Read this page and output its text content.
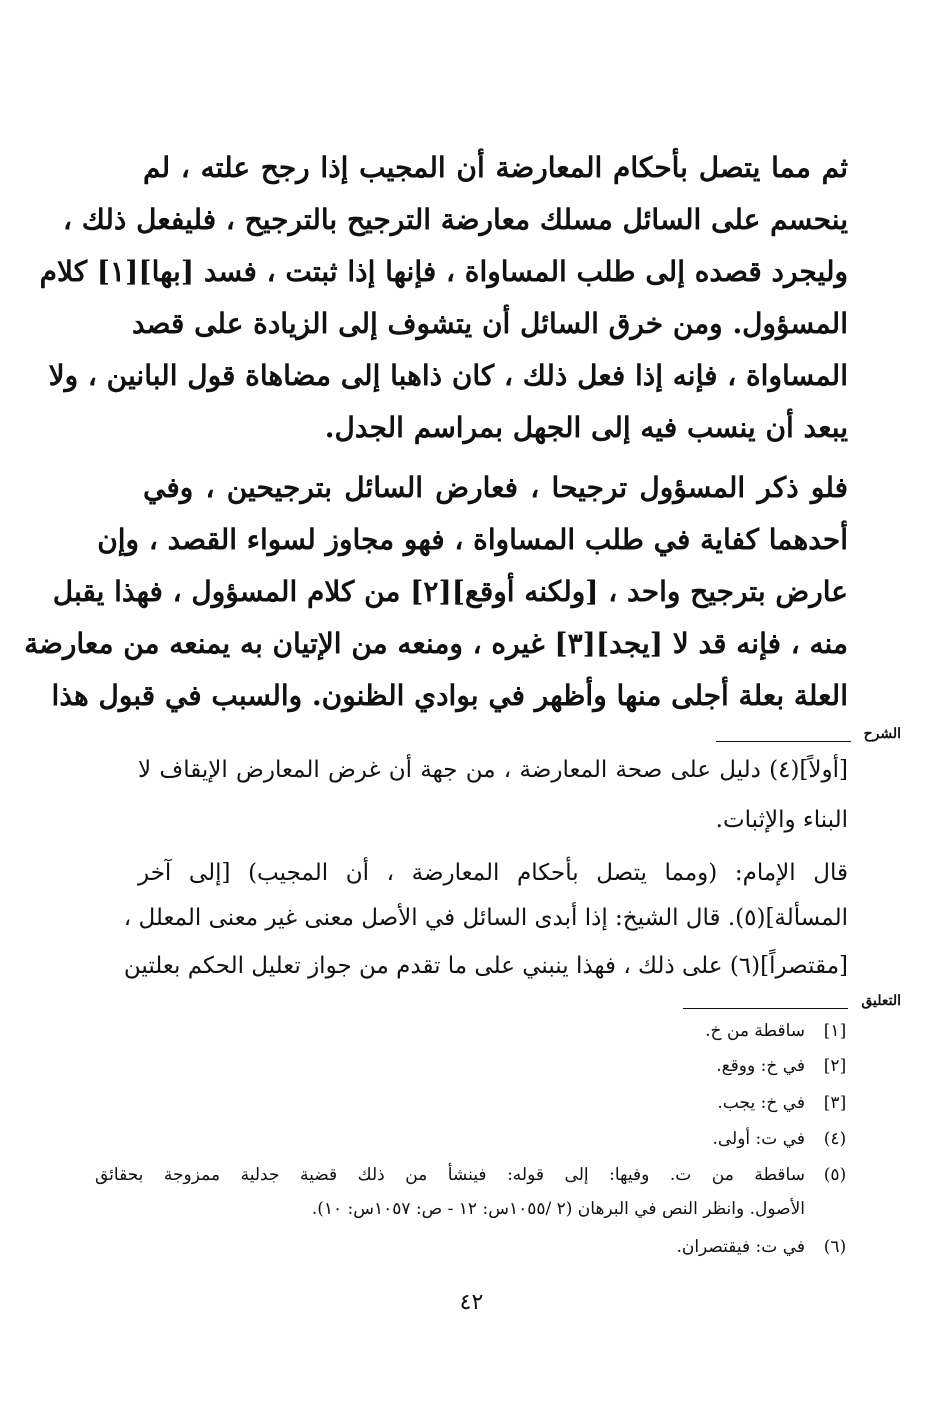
ثم مما يتصل بأحكام المعارضة أن المجيب إذا رجح علته ، لم
ينحسم على السائل مسلك معارضة الترجيح بالترجيح ، فليفعل ذلك ،
وليجرد قصده إلى طلب المساواة ، فإنها إذا ثبتت ، فسد [بها][١] كلام
المسؤول. ومن خرق السائل أن يتشوف إلى الزيادة على قصد
المساواة ، فإنه إذا فعل ذلك ، كان ذاهبا إلى مضاهاة قول البانين ، ولا
يبعد أن ينسب فيه إلى الجهل بمراسم الجدل.
فلو ذكر المسؤول ترجيحا ، فعارض السائل بترجيحين ، وفي
أحدهما كفاية في طلب المساواة ، فهو مجاوز لسواء القصد ، وإن
عارض بترجيح واحد ، [ولكنه أوقع][٢] من كلام المسؤول ، فهذا يقبل
منه ، فإنه قد لا [يجد][٣] غيره ، ومنعه من الإتيان به يمنعه من معارضة
العلة بعلة أجلى منها وأظهر في بوادي الظنون. والسبب في قبول هذا
الشرح
[أولاً](٤) دليل على صحة المعارضة ، من جهة أن غرض المعارض الإيقاف لا
البناء والإثبات.
قال الإمام: (ومما يتصل بأحكام المعارضة ، أن المجيب) [إلى آخر
المسألة](٥). قال الشيخ: إذا أبدى السائل في الأصل معنى غير معنى المعلل ،
[مقتصراً](٦) على ذلك ، فهذا ينبني على ما تقدم من جواز تعليل الحكم بعلتين
التعليق
[١]
ساقطة من خ.
[٢]
في خ: ووقع.
[٣]
في خ: يجب.
(٤)
في ت: أولى.
(٥)
ساقطة من ت. وفيها: إلى قوله: فينشأ من ذلك قضية جدلية ممزوجة بحقائق
الأصول. وانظر النص في البرهان (٢ /١٠٥٥س: ١٢ - ص: ١٠٥٧س: ١٠).
(٦)
في ت: فيقتصران.
٤٢
